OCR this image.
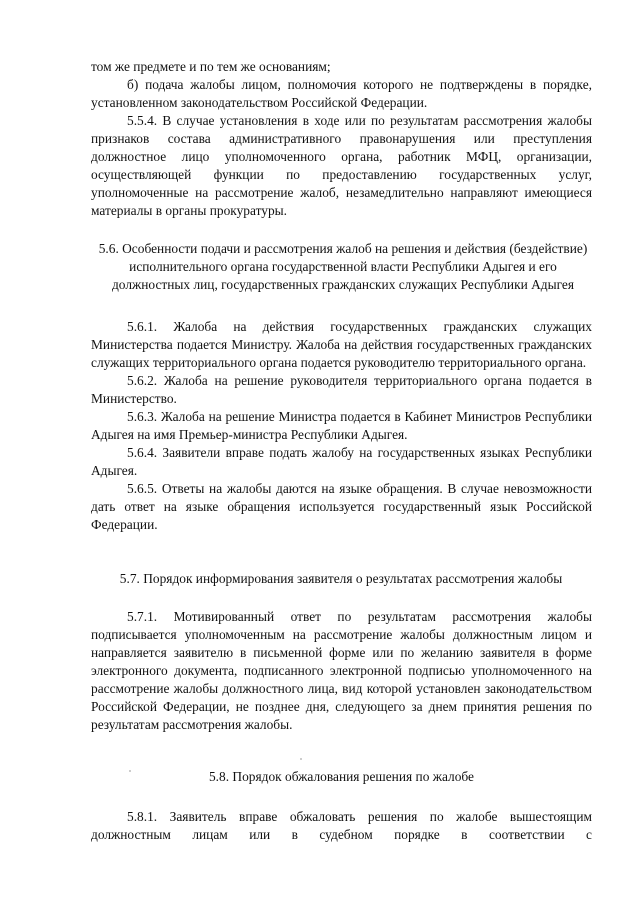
том же предмете и по тем же основаниям;

б) подача жалобы лицом, полномочия которого не подтверждены в порядке, установленном законодательством Российской Федерации.

5.5.4. В случае установления в ходе или по результатам рассмотрения жалобы признаков состава административного правонарушения или преступления должностное лицо уполномоченного органа, работник МФЦ, организации, осуществляющей функции по предоставлению государственных услуг, уполномоченные на рассмотрение жалоб, незамедлительно направляют имеющиеся материалы в органы прокуратуры.

5.6. Особенности подачи и рассмотрения жалоб на решения и действия (бездействие) исполнительного органа государственной власти Республики Адыгея и его должностных лиц, государственных гражданских служащих Республики Адыгея

5.6.1. Жалоба на действия государственных гражданских служащих Министерства подается Министру. Жалоба на действия государственных гражданских служащих территориального органа подается руководителю территориального органа.

5.6.2. Жалоба на решение руководителя территориального органа подается в Министерство.

5.6.3. Жалоба на решение Министра подается в Кабинет Министров Республики Адыгея на имя Премьер-министра Республики Адыгея.

5.6.4. Заявители вправе подать жалобу на государственных языках Республики Адыгея.

5.6.5. Ответы на жалобы даются на языке обращения. В случае невозможности дать ответ на языке обращения используется государственный язык Российской Федерации.

5.7. Порядок информирования заявителя о результатах рассмотрения жалобы

5.7.1. Мотивированный ответ по результатам рассмотрения жалобы подписывается уполномоченным на рассмотрение жалобы должностным лицом и направляется заявителю в письменной форме или по желанию заявителя в форме электронного документа, подписанного электронной подписью уполномоченного на рассмотрение жалобы должностного лица, вид которой установлен законодательством Российской Федерации, не позднее дня, следующего за днем принятия решения по результатам рассмотрения жалобы.

5.8. Порядок обжалования решения по жалобе

5.8.1. Заявитель вправе обжаловать решения по жалобе вышестоящим должностным лицам или в судебном порядке в соответствии с
